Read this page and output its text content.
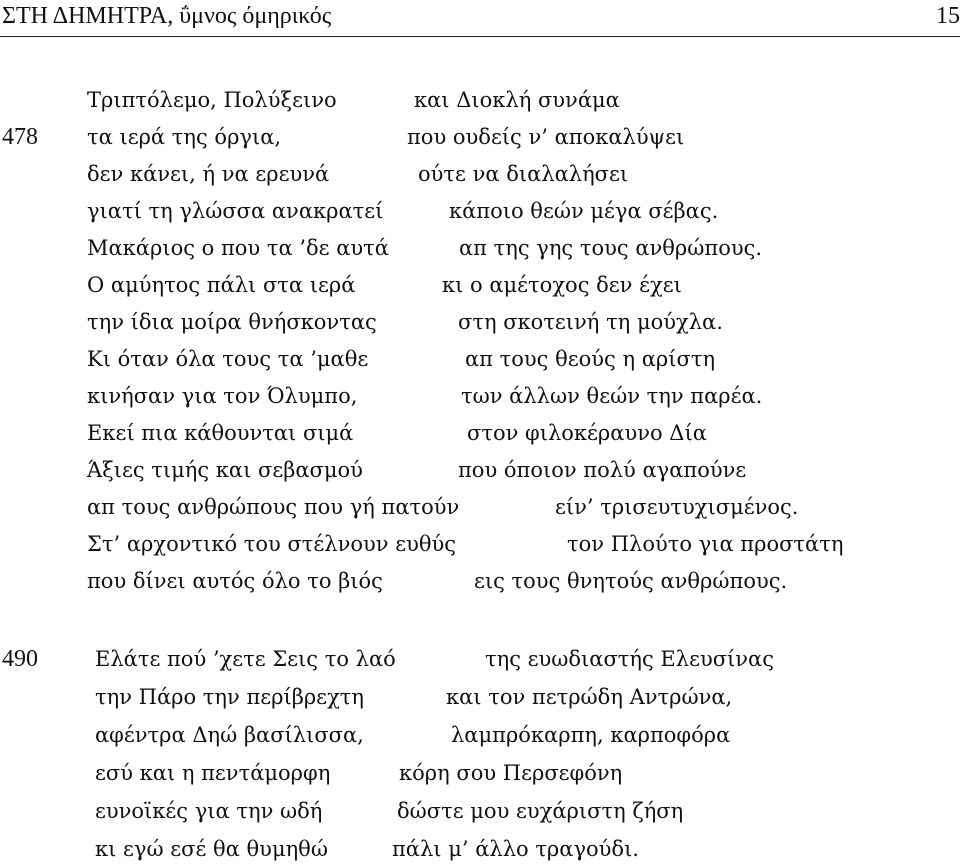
ΣΤΗ ΔΗΜΗΤΡΑ, ΰμνος όμηρικός	15
Τριπτόλεμο, Πολύξεινο	και Διοκλή συνάμα
478 τα ιερά της όργια,	που ουδείς ν’ αποκαλύψει
δεν κάνει, ή να ερευνά	ούτε να διαλαλήσει
γιατί τη γλώσσα ανακρατεί	κάποιο θεών μέγα σέβας.
Μακάριος ο που τα ’δε αυτά	απ της γης τους ανθρώπους.
Ο αμύητος πάλι στα ιερά	κι ο αμέτοχος δεν έχει
την ίδια μοίρα θνήσκοντας	στη σκοτεινή τη μούχλα.
Κι όταν όλα τους τα ’μαθε	απ τους θεούς η αρίστη
κινήσαν για τον Όλυμπο,	των άλλων θεών την παρέα.
Εκεί πια κάθουνται σιμά	στον φιλοκέραυνο Δία
Άξιες τιμής και σεβασμού	που όποιον πολύ αγαπούνε
απ τους ανθρώπους που γή πατούν	είν’ τρισευτυχισμένος.
Στ’ αρχοντικό του στέλνουν ευθύς	τον Πλούτο για προστάτη
που δίνει αυτός όλο το βιός	εις τους θνητούς ανθρώπους.
490	Ελάτε πού ’χετε Σεις το λαό	της ευωδιαστής Ελευσίνας
την Πάρο την περίβρεχτη	και τον πετρώδη Αντρώνα,
αφέντρα Δηώ βασίλισσα,	λαμπρόκαρπη, καρποφόρα
εσύ και η πεντάμορφη	κόρη σου Περσεφόνη
ευνοϊκές για την ωδή	δώστε μου ευχάριστη ζήση
κι εγώ εσέ θα θυμηθώ	πάλι μ’ άλλο τραγούδι.
